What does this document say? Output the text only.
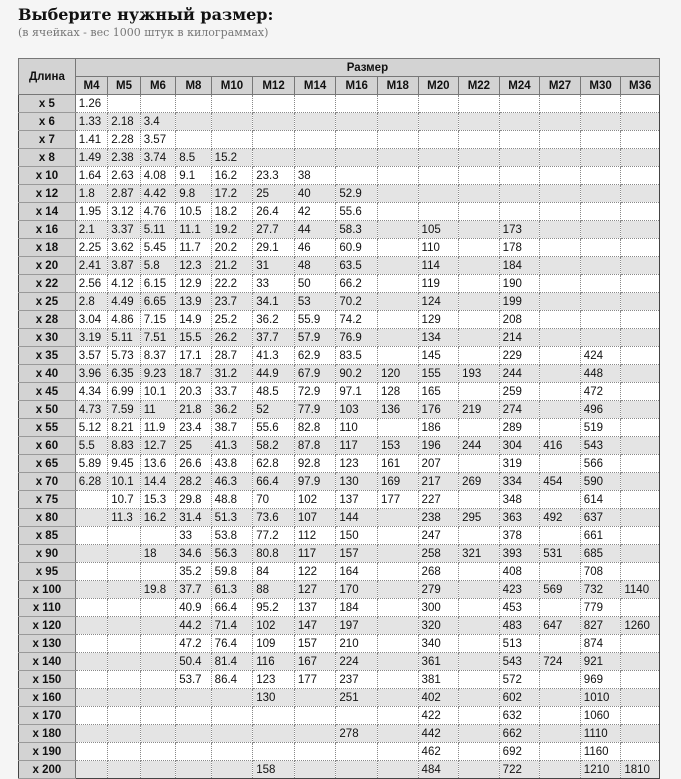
Выберите нужный размер:
(в ячейках - вес 1000 штук в килограммах)
Длина	Размер														
	M4	M5	M6	M8	M10	M12	M14	M16	M18	M20	M22	M24	M27	M30	M36
x 5	1.26														
x 6	1.33	2.18	3.4												
x 7	1.41	2.28	3.57												
x 8	1.49	2.38	3.74	8.5	15.2										
x 10	1.64	2.63	4.08	9.1	16.2	23.3	38								
x 12	1.8	2.87	4.42	9.8	17.2	25	40	52.9							
x 14	1.95	3.12	4.76	10.5	18.2	26.4	42	55.6							
x 16	2.1	3.37	5.11	11.1	19.2	27.7	44	58.3		105		173			
x 18	2.25	3.62	5.45	11.7	20.2	29.1	46	60.9		110		178			
x 20	2.41	3.87	5.8	12.3	21.2	31	48	63.5		114		184			
x 22	2.56	4.12	6.15	12.9	22.2	33	50	66.2		119		190			
x 25	2.8	4.49	6.65	13.9	23.7	34.1	53	70.2		124		199			
x 28	3.04	4.86	7.15	14.9	25.2	36.2	55.9	74.2		129		208			
x 30	3.19	5.11	7.51	15.5	26.2	37.7	57.9	76.9		134		214			
x 35	3.57	5.73	8.37	17.1	28.7	41.3	62.9	83.5		145		229		424	
x 40	3.96	6.35	9.23	18.7	31.2	44.9	67.9	90.2	120	155	193	244		448	
x 45	4.34	6.99	10.1	20.3	33.7	48.5	72.9	97.1	128	165		259		472	
x 50	4.73	7.59	11	21.8	36.2	52	77.9	103	136	176	219	274		496	
x 55	5.12	8.21	11.9	23.4	38.7	55.6	82.8	110		186		289		519	
x 60	5.5	8.83	12.7	25	41.3	58.2	87.8	117	153	196	244	304	416	543	
x 65	5.89	9.45	13.6	26.6	43.8	62.8	92.8	123	161	207		319		566	
x 70	6.28	10.1	14.4	28.2	46.3	66.4	97.9	130	169	217	269	334	454	590	
x 75		10.7	15.3	29.8	48.8	70	102	137	177	227		348		614	
x 80		11.3	16.2	31.4	51.3	73.6	107	144		238	295	363	492	637	
x 85				33	53.8	77.2	112	150		247		378		661	
x 90			18	34.6	56.3	80.8	117	157		258	321	393	531	685	
x 95				35.2	59.8	84	122	164		268		408		708	
x 100			19.8	37.7	61.3	88	127	170		279		423	569	732	1140
x 110				40.9	66.4	95.2	137	184		300		453		779	
x 120				44.2	71.4	102	147	197		320		483	647	827	1260
x 130				47.2	76.4	109	157	210		340		513		874	
x 140				50.4	81.4	116	167	224		361		543	724	921	
x 150				53.7	86.4	123	177	237		381		572		969	
x 160						130		251		402		602		1010	
x 170										422		632		1060	
x 180								278		442		662		1110	
x 190										462		692		1160	
x 200						158				484		722		1210	1810
